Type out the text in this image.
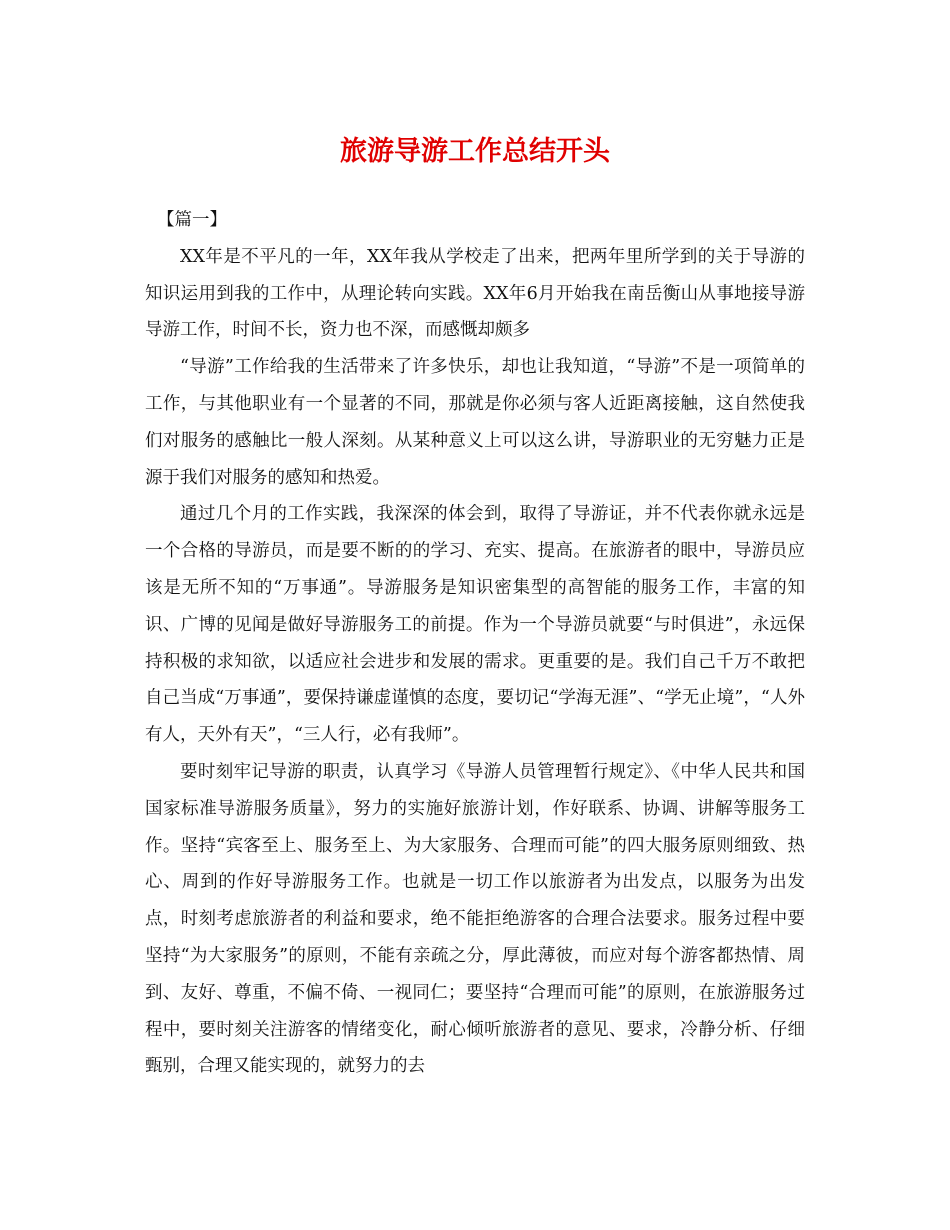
旅游导游工作总结开头

【篇一】

XX年是不平凡的一年，XX年我从学校走了出来，把两年里所学到的关于导游的知识运用到我的工作中，从理论转向实践。XX年6月开始我在南岳衡山从事地接导游导游工作，时间不长，资力也不深，而感慨却颇多

“导游”工作给我的生活带来了许多快乐，却也让我知道，“导游”不是一项简单的工作，与其他职业有一个显著的不同，那就是你必须与客人近距离接触，这自然使我们对服务的感触比一般人深刻。从某种意义上可以这么讲，导游职业的无穷魅力正是源于我们对服务的感知和热爱。

通过几个月的工作实践，我深深的体会到，取得了导游证，并不代表你就永远是一个合格的导游员，而是要不断的的学习、充实、提高。在旅游者的眼中，导游员应该是无所不知的“万事通”。导游服务是知识密集型的高智能的服务工作，丰富的知识、广博的见闻是做好导游服务工的前提。作为一个导游员就要“与时俱进”，永远保持积极的求知欲，以适应社会进步和发展的需求。更重要的是。我们自己千万不敢把自己当成“万事通”，要保持谦虚谨慎的态度，要切记“学海无涯”、“学无止境”，“人外有人，天外有天”，“三人行，必有我师”。

要时刻牢记导游的职责，认真学习《导游人员管理暂行规定》、《中华人民共和国国家标准导游服务质量》，努力的实施好旅游计划，作好联系、协调、讲解等服务工作。坚持“宾客至上、服务至上、为大家服务、合理而可能”的四大服务原则细致、热心、周到的作好导游服务工作。也就是一切工作以旅游者为出发点，以服务为出发点，时刻考虑旅游者的利益和要求，绝不能拒绝游客的合理合法要求。服务过程中要坚持“为大家服务”的原则，不能有亲疏之分，厚此薄彼，而应对每个游客都热情、周到、友好、尊重，不偏不倚、一视同仁；要坚持“合理而可能”的原则，在旅游服务过程中，要时刻关注游客的情绪变化，耐心倾听旅游者的意见、要求，冷静分析、仔细甄别，合理又能实现的，就努力的去
